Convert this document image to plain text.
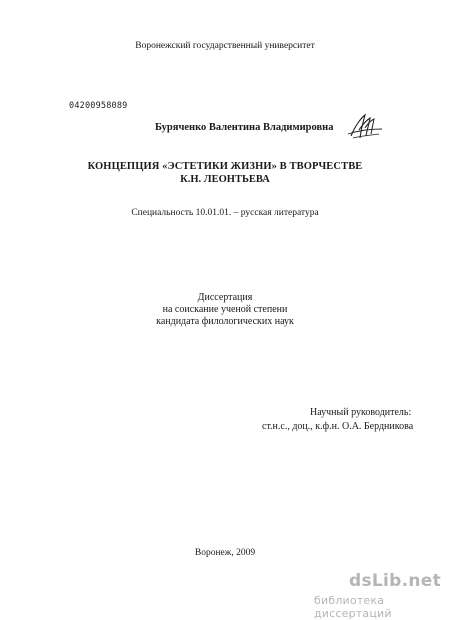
Воронежский государственный университет
04200958089
Буряченко Валентина Владимировна
КОНЦЕПЦИЯ «ЭСТЕТИКИ ЖИЗНИ» В ТВОРЧЕСТВЕ
К.Н. ЛЕОНТЬЕВА
Специальность 10.01.01. – русская литература
Диссертация
на соискание ученой степени
кандидата филологических наук
Научный руководитель:
ст.н.с., доц., к.ф.н. О.А. Бердникова
Воронеж, 2009
dsLib.net
библиотека диссертаций
